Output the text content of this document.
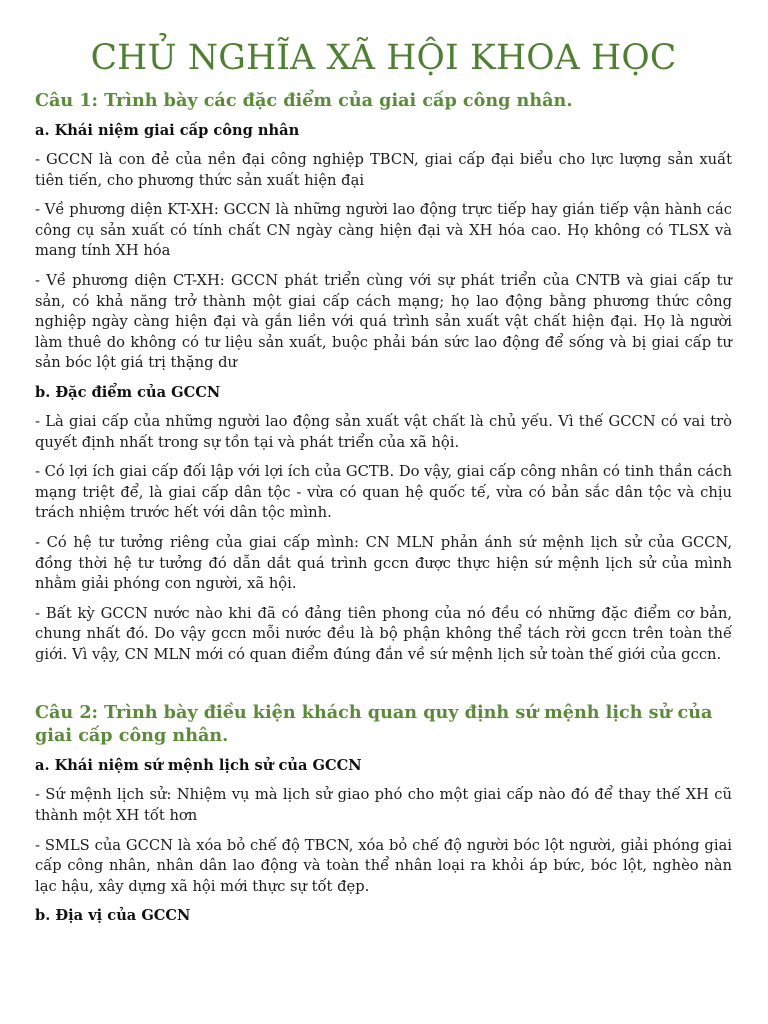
CHỦ NGHĨA XÃ HỘI KHOA HỌC
Câu 1: Trình bày các đặc điểm của giai cấp công nhân.
a. Khái niệm giai cấp công nhân

- GCCN là con đẻ của nền đại công nghiệp TBCN, giai cấp đại biểu cho lực lượng sản xuất tiên tiến, cho phương thức sản xuất hiện đại

- Về phương diện KT-XH: GCCN là những người lao động trực tiếp hay gián tiếp vận hành các công cụ sản xuất có tính chất CN ngày càng hiện đại và XH hóa cao. Họ không có TLSX và mang tính XH hóa

- Về phương diện CT-XH: GCCN phát triển cùng với sự phát triển của CNTB và giai cấp tư sản, có khả năng trở thành một giai cấp cách mạng; họ lao động bằng phương thức công nghiệp ngày càng hiện đại và gắn liền với quá trình sản xuất vật chất hiện đại. Họ là người làm thuê do không có tư liệu sản xuất, buộc phải bán sức lao động để sống và bị giai cấp tư sản bóc lột giá trị thặng dư

b. Đặc điểm của GCCN

- Là giai cấp của những người lao động sản xuất vật chất là chủ yếu. Vì thế GCCN có vai trò quyết định nhất trong sự tồn tại và phát triển của xã hội.

- Có lợi ích giai cấp đối lập với lợi ích của GCTB. Do vậy, giai cấp công nhân có tinh thần cách mạng triệt để, là giai cấp dân tộc - vừa có quan hệ quốc tế, vừa có bản sắc dân tộc và chịu trách nhiệm trước hết với dân tộc mình.

- Có hệ tư tưởng riêng của giai cấp mình: CN MLN phản ánh sứ mệnh lịch sử của GCCN, đồng thời hệ tư tưởng đó dẫn dắt quá trình gccn được thực hiện sứ mệnh lịch sử của mình nhằm giải phóng con người, xã hội.

- Bất kỳ GCCN nước nào khi đã có đảng tiên phong của nó đều có những đặc điểm cơ bản, chung nhất đó. Do vậy gccn mỗi nước đều là bộ phận không thể tách rời gccn trên toàn thế giới. Vì vậy, CN MLN mới có quan điểm đúng đắn về sứ mệnh lịch sử toàn thế giới của gccn.

Câu 2: Trình bày điều kiện khách quan quy định sứ mệnh lịch sử của giai cấp công nhân.
a. Khái niệm sứ mệnh lịch sử của GCCN

- Sứ mệnh lịch sử: Nhiệm vụ mà lịch sử giao phó cho một giai cấp nào đó để thay thế XH cũ thành một XH tốt hơn

- SMLS của GCCN là xóa bỏ chế độ TBCN, xóa bỏ chế độ người bóc lột người, giải phóng giai cấp công nhân, nhân dân lao động và toàn thể nhân loại ra khỏi áp bức, bóc lột, nghèo nàn lạc hậu, xây dựng xã hội mới thực sự tốt đẹp.

b. Địa vị của GCCN
